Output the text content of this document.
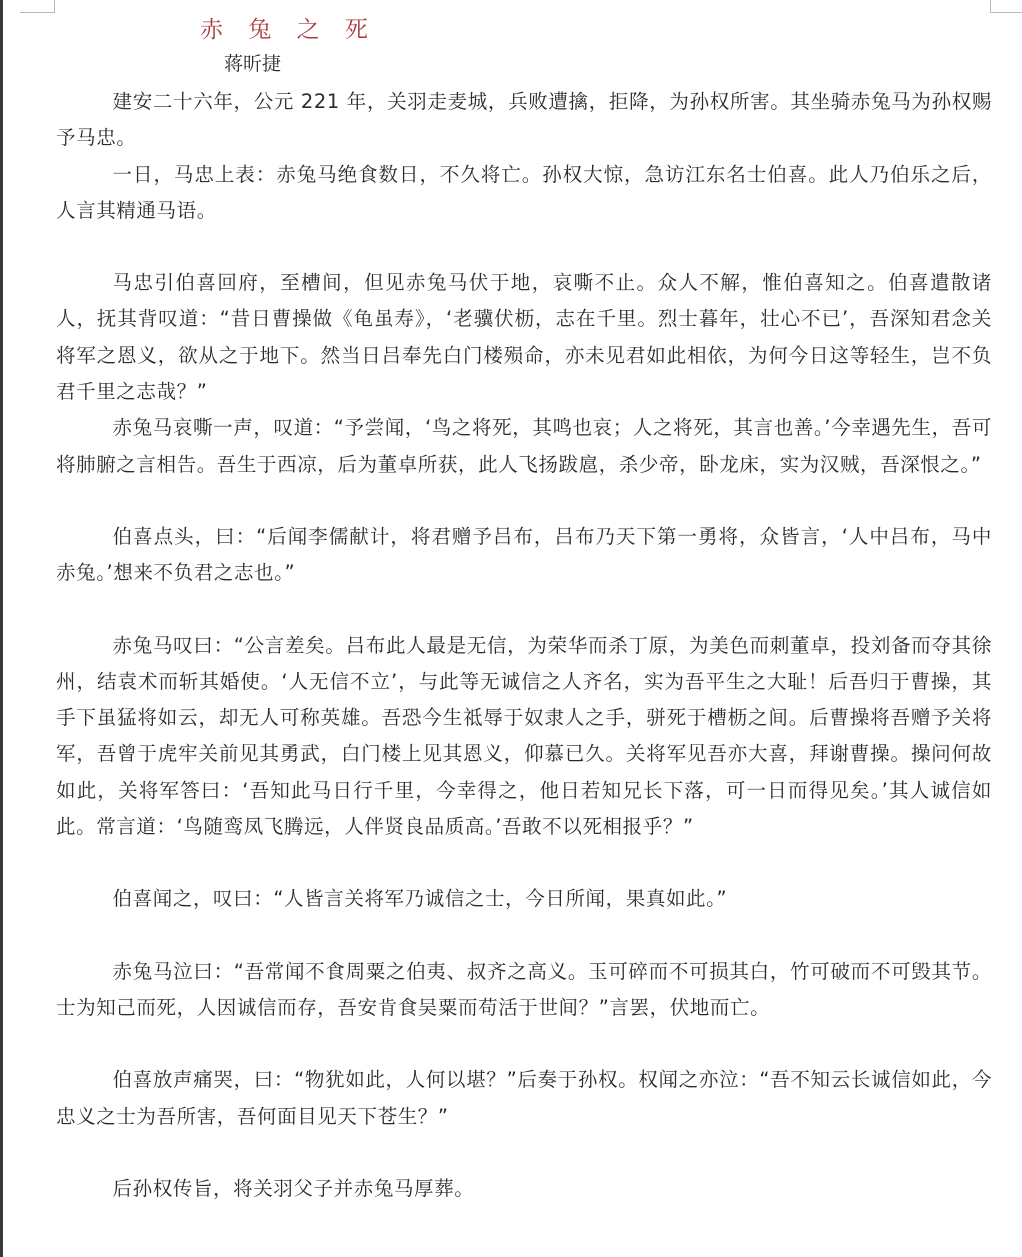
赤 兔 之 死
蒋昕捷

建安二十六年，公元 221 年，关羽走麦城，兵败遭擒，拒降，为孙权所害。其坐骑赤兔马为孙权赐予马忠。

一日，马忠上表：赤兔马绝食数日，不久将亡。孙权大惊，急访江东名士伯喜。此人乃伯乐之后，人言其精通马语。

马忠引伯喜回府，至槽间，但见赤兔马伏于地，哀嘶不止。众人不解，惟伯喜知之。伯喜遣散诸人，抚其背叹道：“昔日曹操做《龟虽寿》，‘老骥伏枥，志在千里。烈士暮年，壮心不已’，吾深知君念关将军之恩义，欲从之于地下。然当日吕奉先白门楼殒命，亦未见君如此相依，为何今日这等轻生，岂不负君千里之志哉？”

赤兔马哀嘶一声，叹道：“予尝闻，‘鸟之将死，其鸣也哀；人之将死，其言也善。’今幸遇先生，吾可将肺腑之言相告。吾生于西凉，后为董卓所获，此人飞扬跋扈，杀少帝，卧龙床，实为汉贼，吾深恨之。”

伯喜点头，曰：“后闻李儒献计，将君赠予吕布，吕布乃天下第一勇将，众皆言，‘人中吕布，马中赤兔。’想来不负君之志也。”

赤兔马叹曰：“公言差矣。吕布此人最是无信，为荣华而杀丁原，为美色而刺董卓，投刘备而夺其徐州，结袁术而斩其婚使。‘人无信不立’，与此等无诚信之人齐名，实为吾平生之大耻！后吾归于曹操，其手下虽猛将如云，却无人可称英雄。吾恐今生祗辱于奴隶人之手，骈死于槽枥之间。后曹操将吾赠予关将军，吾曾于虎牢关前见其勇武，白门楼上见其恩义，仰慕已久。关将军见吾亦大喜，拜谢曹操。操问何故如此，关将军答曰：‘吾知此马日行千里，今幸得之，他日若知兄长下落，可一日而得见矣。’其人诚信如此。常言道：‘鸟随鸾凤飞腾远，人伴贤良品质高。’吾敢不以死相报乎？”

伯喜闻之，叹曰：“人皆言关将军乃诚信之士，今日所闻，果真如此。”

赤兔马泣曰：“吾常闻不食周粟之伯夷、叔齐之高义。玉可碎而不可损其白，竹可破而不可毁其节。士为知己而死，人因诚信而存，吾安肯食吴粟而苟活于世间？”言罢，伏地而亡。

伯喜放声痛哭，曰：“物犹如此，人何以堪？”后奏于孙权。权闻之亦泣：“吾不知云长诚信如此，今忠义之士为吾所害，吾何面目见天下苍生？”

后孙权传旨，将关羽父子并赤兔马厚葬。
